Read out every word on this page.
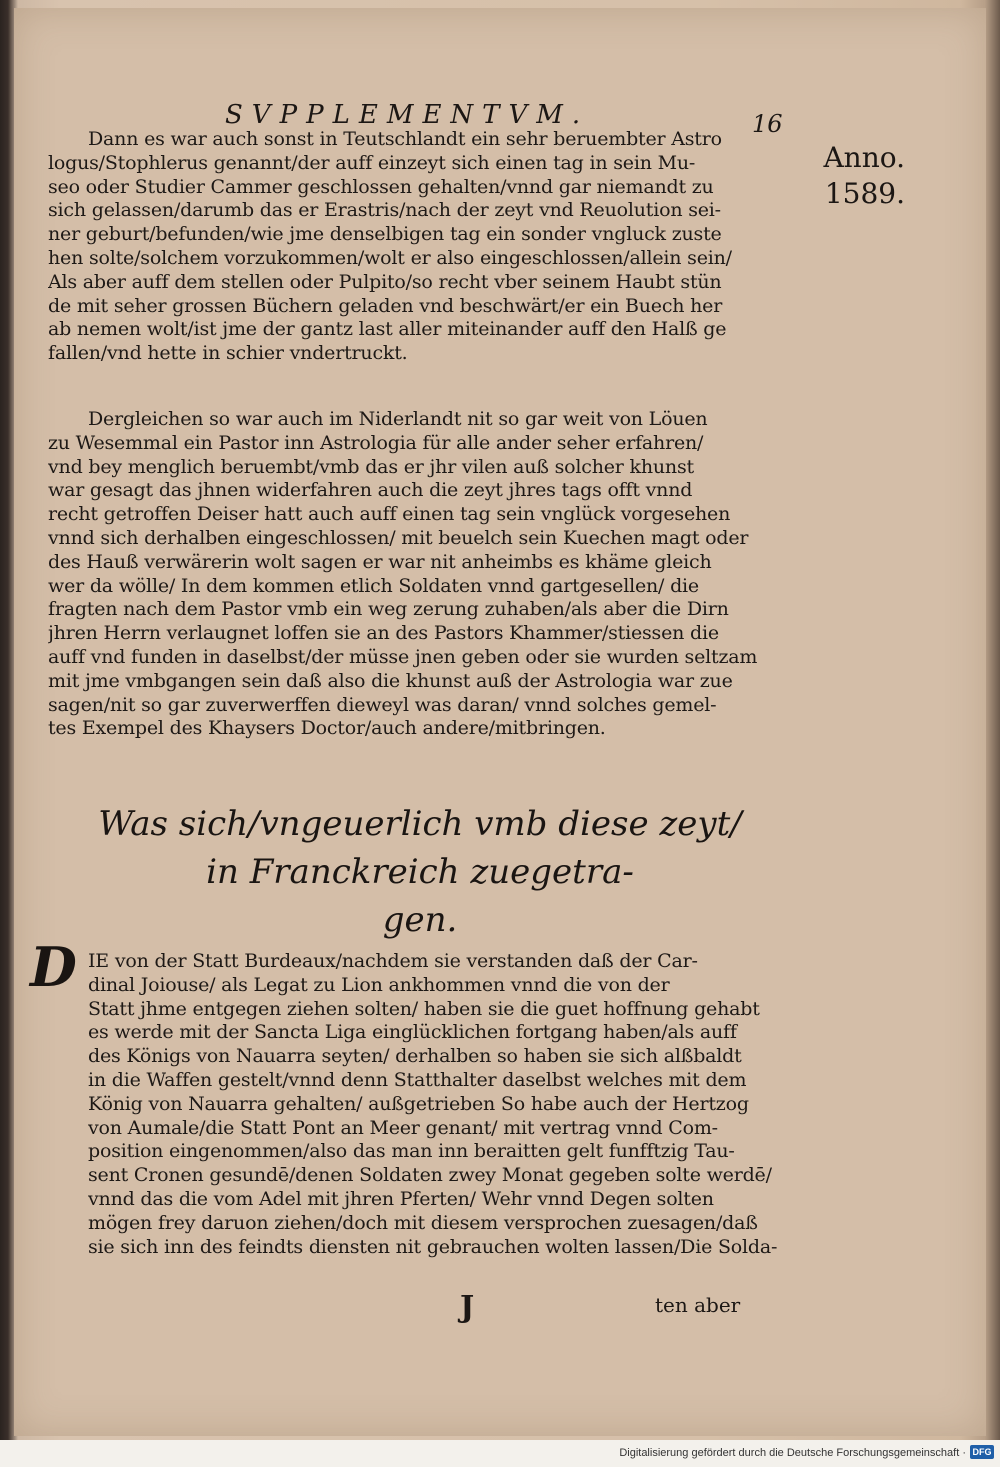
SVPPLEMENTVM.	16
Anno.
1589.
Dann es war auch sonst in Teutschlandt ein sehr beruembter Astro
logus/Stophlerus genannt/der auff einzeyt sich einen tag in sein Mu-
seo oder Studier Cammer geschlossen gehalten/vnnd gar niemandt zu
sich gelassen/darumb das er Erastris/nach der zeyt vnd Reuolution sei-
ner geburt/befunden/wie jme denselbigen tag ein sonder vngluck zuste
hen solte/solchem vorzukommen/wolt er also eingeschlossen/allein sein/
Als aber auff dem stellen oder Pulpito/so recht vber seinem Haubt stün
de mit seher grossen Büchern geladen vnd beschwärt/er ein Buech her
ab nemen wolt/ist jme der gantz last aller miteinander auff den Halß ge
fallen/vnd hette in schier vndertruckt.
Dergleichen so war auch im Niderlandt nit so gar weit von Löuen
zu Wesemmal ein Pastor inn Astrologia für alle ander seher erfahren/
vnd bey menglich beruembt/vmb das er jhr vilen auß solcher khunst
war gesagt das jhnen widerfahren auch die zeyt jhres tags offt vnnd
recht getroffen Deiser hatt auch auff einen tag sein vnglück vorgesehen
vnnd sich derhalben eingeschlossen/ mit beuelch sein Kuechen magt oder
des Hauß verwärerin wolt sagen er war nit anheimbs es khäme gleich
wer da wölle/ In dem kommen etlich Soldaten vnnd gartgesellen/ die
fragten nach dem Pastor vmb ein weg zerung zuhaben/als aber die Dirn
jhren Herrn verlaugnet loffen sie an des Pastors Khammer/stiessen die
auff vnd funden in daselbst/der müsse jnen geben oder sie wurden seltzam
mit jme vmbgangen sein daß also die khunst auß der Astrologia war zue
sagen/nit so gar zuverwerffen dieweyl was daran/ vnnd solches gemel-
tes Exempel des Khaysers Doctor/auch andere/mitbringen.
Was sich/vngeuerlich vmb diese zeyt/
in Franckreich zuegetra-
gen.
D IE von der Statt Burdeaux/nachdem sie verstanden daß der Car-
dinal Joiouse/ als Legat zu Lion ankhommen vnnd die von der
Statt jhme entgegen ziehen solten/ haben sie die guet hoffnung gehabt
es werde mit der Sancta Liga einglücklichen fortgang haben/als auff
des Königs von Nauarra seyten/ derhalben so haben sie sich alßbaldt
in die Waffen gestelt/vnnd denn Statthalter daselbst welches mit dem
König von Nauarra gehalten/ außgetrieben So habe auch der Hertzog
von Aumale/die Statt Pont an Meer genant/ mit vertrag vnnd Com-
position eingenommen/also das man inn beraitten gelt funfftzig Tau-
sent Cronen gesundē/denen Soldaten zwey Monat gegeben solte werdē/
vnnd das die vom Adel mit jhren Pferten/ Wehr vnnd Degen solten
mögen frey daruon ziehen/doch mit diesem versprochen zuesagen/daß
sie sich inn des feindts diensten nit gebrauchen wolten lassen/Die Solda-
J	ten aber
Digitalisierung gefördert durch die Deutsche Forschungsgemeinschaft · DFG
